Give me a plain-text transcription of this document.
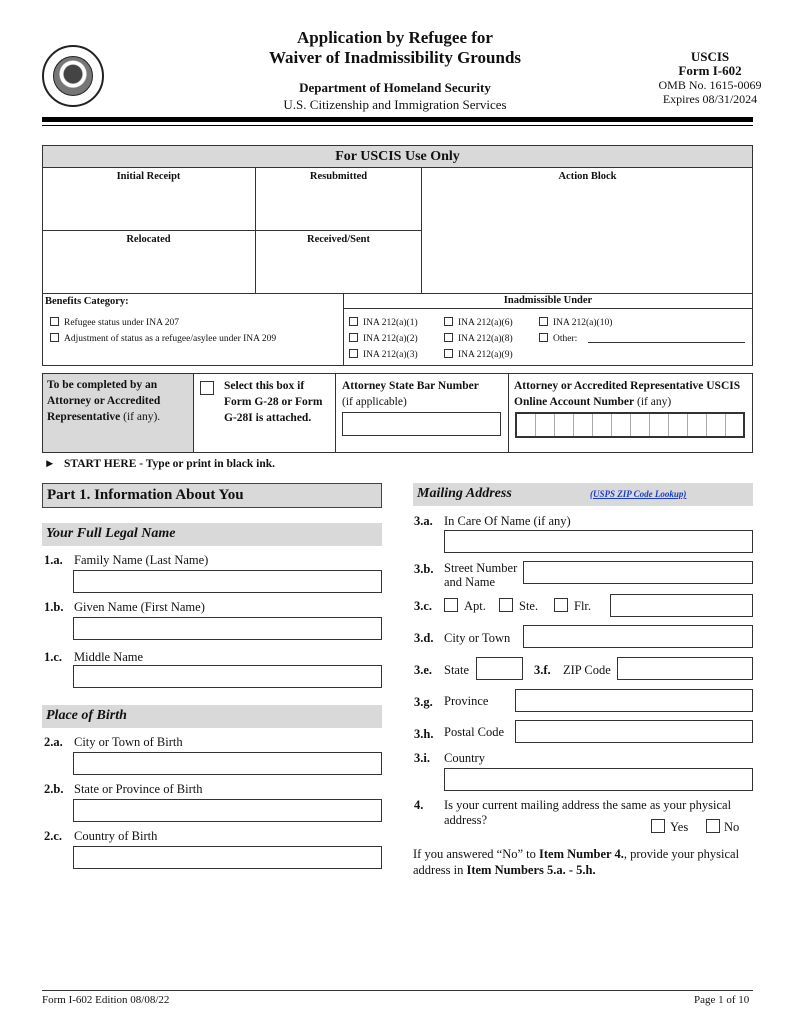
Application by Refugee for
Waiver of Inadmissibility Grounds
Department of Homeland Security
U.S. Citizenship and Immigration Services
USCIS
Form I-602
OMB No. 1615-0069
Expires 08/31/2024
For USCIS Use Only
Initial Receipt	Resubmitted	Action Block
Relocated	Received/Sent
Benefits Category:	Inadmissible Under
Refugee status under INA 207
Adjustment of status as a refugee/asylee under INA 209
INA 212(a)(1)	INA 212(a)(6)	INA 212(a)(10)
INA 212(a)(2)	INA 212(a)(8)	Other:
INA 212(a)(3)	INA 212(a)(9)
To be completed by an Attorney or Accredited Representative (if any).
Select this box if Form G-28 or Form G-28I is attached.
Attorney State Bar Number
(if applicable)
Attorney or Accredited Representative USCIS Online Account Number (if any)
► START HERE - Type or print in black ink.
Part 1. Information About You
Your Full Legal Name
1.a. Family Name (Last Name)
1.b. Given Name (First Name)
1.c. Middle Name
Place of Birth
2.a. City or Town of Birth
2.b. State or Province of Birth
2.c. Country of Birth
Mailing Address	(USPS ZIP Code Lookup)
3.a. In Care Of Name (if any)
3.b. Street Number
and Name
3.c.	Apt.	Ste.	Flr.
3.d. City or Town
3.e. State	3.f. ZIP Code
3.g. Province
3.h. Postal Code
3.i. Country
4. Is your current mailing address the same as your physical address?	Yes	No
If you answered “No” to Item Number 4., provide your physical address in Item Numbers 5.a. - 5.h.
Form I-602 Edition 08/08/22	Page 1 of 10
